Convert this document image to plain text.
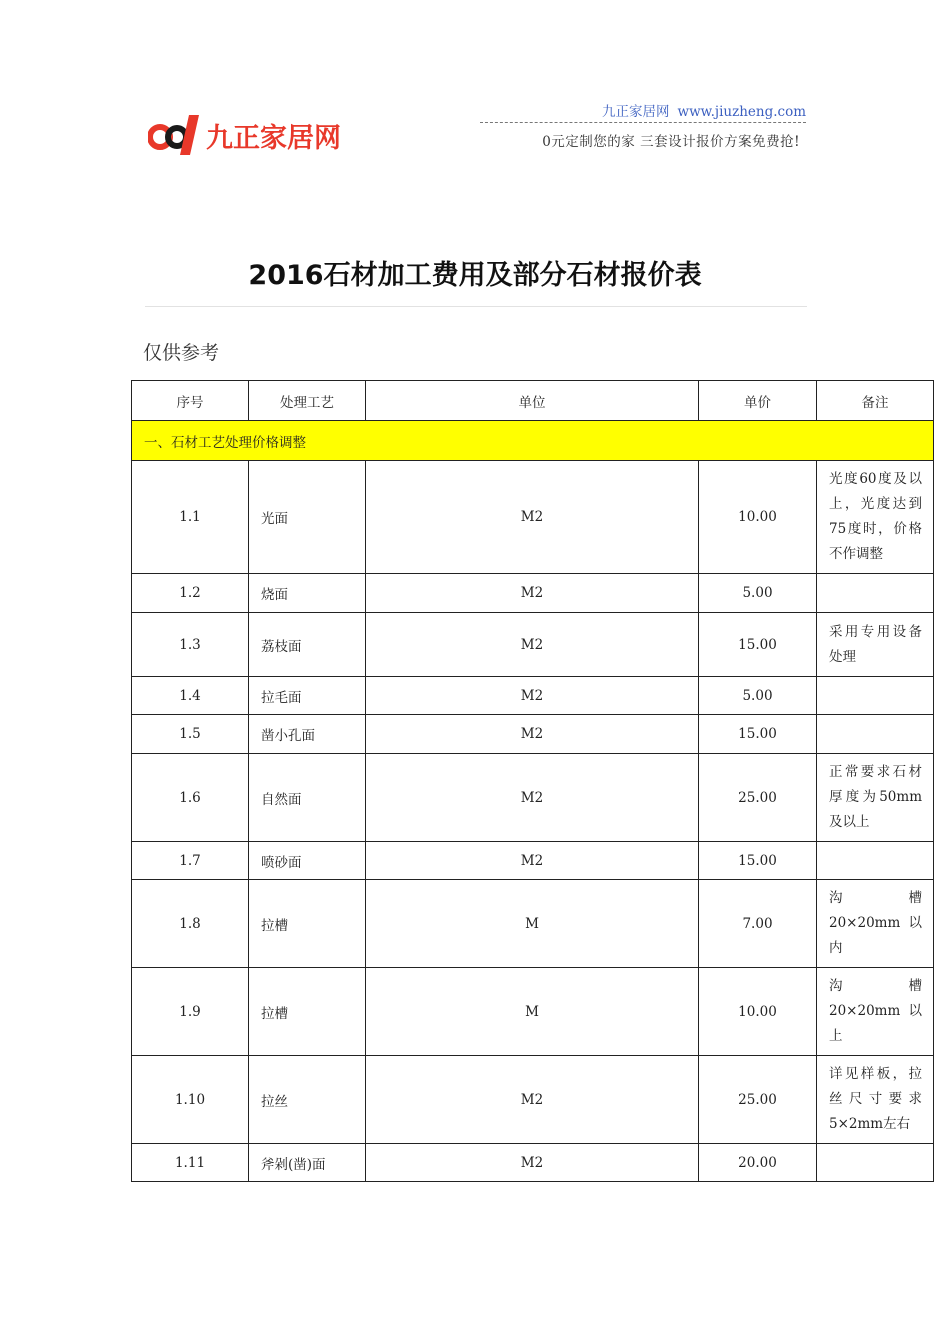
九正家居网
九正家居网 www.jiuzheng.com
0元定制您的家 三套设计报价方案免费抢!
2016石材加工费用及部分石材报价表
仅供参考
序号	处理工艺	单位	单价	备注
一、石材工艺处理价格调整				
1.1	光面	M2	10.00	光度60度及以上，光度达到75度时，价格不作调整
1.2	烧面	M2	5.00	
1.3	荔枝面	M2	15.00	采用专用设备处理
1.4	拉毛面	M2	5.00	
1.5	凿小孔面	M2	15.00	
1.6	自然面	M2	25.00	正常要求石材厚度为50mm及以上
1.7	喷砂面	M2	15.00	
1.8	拉槽	M	7.00	沟槽20×20mm以内
1.9	拉槽	M	10.00	沟槽20×20mm以上
1.10	拉丝	M2	25.00	详见样板，拉丝尺寸要求5×2mm左右
1.11	斧剁(凿)面	M2	20.00	
